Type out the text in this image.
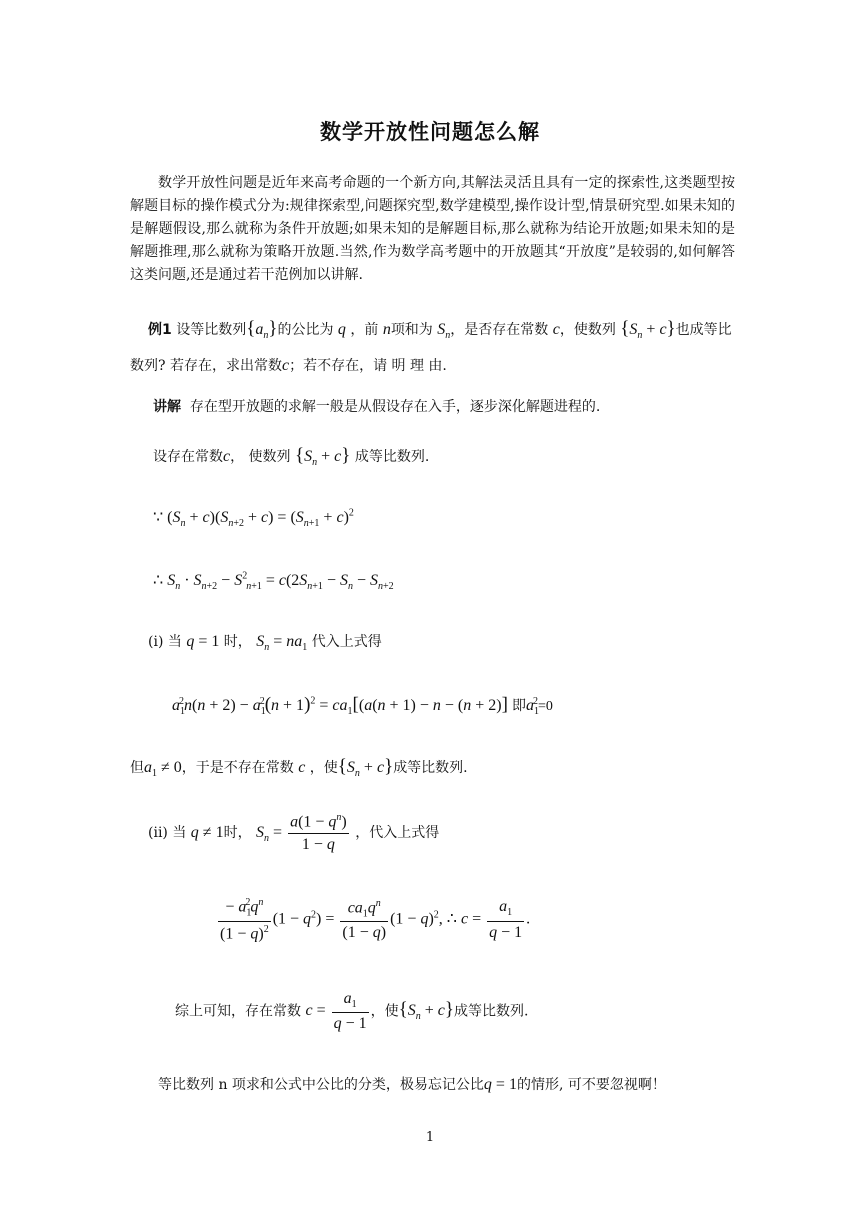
数学开放性问题怎么解

数学开放性问题是近年来高考命题的一个新方向,其解法灵活且具有一定的探索性,这类题型按解题目标的操作模式分为:规律探索型,问题探究型,数学建模型,操作设计型,情景研究型.如果未知的是解题假设,那么就称为条件开放题;如果未知的是解题目标,那么就称为结论开放题;如果未知的是解题推理,那么就称为策略开放题.当然,作为数学高考题中的开放题其“开放度”是较弱的,如何解答这类问题,还是通过若干范例加以讲解.

例1 设等比数列$\{a_n\}$的公比为 q ，前 n项和为 $S_n$，是否存在常数 c，使数列 $\{S_n + c\}$也成等比
数列? 若存在，求出常数c；若不存在，请 明 理 由.
讲解 存在型开放题的求解一般是从假设存在入手，逐步深化解题进程的.
设存在常数c， 使数列 $\{S_n + c\}$ 成等比数列.
∵ $(S_n + c)(S_{n+2} + c) = (S_{n+1} + c)^2$
∴ $S_n \cdot S_{n+2} - S^2_{n+1} = c(2S_{n+1} - S_n - S_{n+2}$
(i) 当 q = 1 时， $S_n = na_1$ 代入上式得
$a_1^2n(n + 2) - a_1^2(n + 1)^2 = ca_1[(a(n + 1) - n - (n + 2)]$ 即$a_1^2=0$
但$a_1 \ne 0$，于是不存在常数 c ，使$\{S_n + c\}$成等比数列.
(ii) 当 q ≠ 1时， $S_n = \frac{a(1 - q^n)}{1 - q}$ ，代入上式得
$\frac{- a_1^2q^n}{(1 - q)^2} (1 - q^2) = \frac{ca_1q^n}{(1 - q)} (1 - q)^2$, ∴ $c = \frac{a_1}{q - 1}$ .
综上可知，存在常数 $c = \frac{a_1}{q - 1}$ ，使$\{S_n + c\}$成等比数列.
等比数列 n 项求和公式中公比的分类，极易忘记公比q = 1的情形, 可不要忽视啊！
1
